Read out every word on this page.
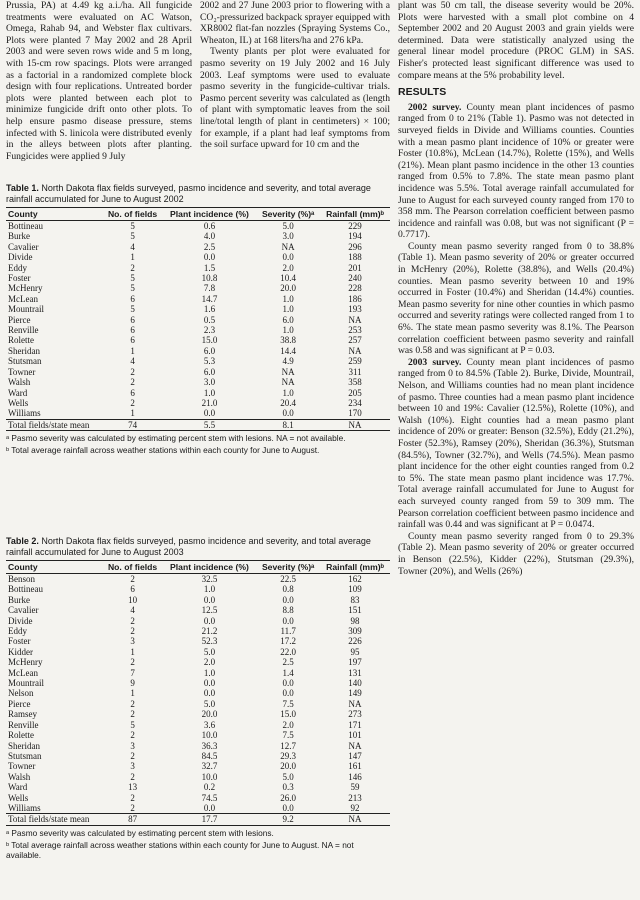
Prussia, PA) at 4.49 kg a.i./ha. All fungicide treatments were evaluated on AC Watson, Omega, Rahab 94, and Webster flax cultivars. Plots were planted 7 May 2002 and 28 April 2003 and were seven rows wide and 5 m long, with 15-cm row spacings. Plots were arranged as a factorial in a randomized complete block design with four replications. Untreated border plots were planted between each plot to minimize fungicide drift onto other plots. To help ensure pasmo disease pressure, stems infected with S. linicola were distributed evenly in the alleys between plots after planting. Fungicides were applied 9 July

2002 and 27 June 2003 prior to flowering with a CO₂-pressurized backpack sprayer equipped with XR8002 flat-fan nozzles (Spraying Systems Co., Wheaton, IL) at 168 liters/ha and 276 kPa.

Twenty plants per plot were evaluated for pasmo severity on 19 July 2002 and 16 July 2003. Leaf symptoms were used to evaluate pasmo severity in the fungicide-cultivar trials. Pasmo percent severity was calculated as (length of plant with symptomatic leaves from the soil line/total length of plant in centimeters) × 100; for example, if a plant had leaf symptoms from the soil surface upward for 10 cm and the

plant was 50 cm tall, the disease severity would be 20%. Plots were harvested with a small plot combine on 4 September 2002 and 20 August 2003 and grain yields were determined. Data were statistically analyzed using the general linear model procedure (PROC GLM) in SAS. Fisher's protected least significant difference was used to compare means at the 5% probability level.

RESULTS

2002 survey. County mean plant incidences of pasmo ranged from 0 to 21% (Table 1). Pasmo was not detected in surveyed fields in Divide and Williams counties. Counties with a mean pasmo plant incidence of 10% or greater were Foster (10.8%), McLean (14.7%), Rolette (15%), and Wells (21%). Mean plant pasmo incidence in the other 13 counties ranged from 0.5% to 7.8%. The state mean pasmo plant incidence was 5.5%. Total average rainfall accumulated for June to August for each surveyed county ranged from 170 to 358 mm. The Pearson correlation coefficient between pasmo incidence and rainfall was 0.08, but was not significant (P = 0.7717).

County mean pasmo severity ranged from 0 to 38.8% (Table 1). Mean pasmo severity of 20% or greater occurred in McHenry (20%), Rolette (38.8%), and Wells (20.4%) counties. Mean pasmo severity between 10 and 19% occurred in Foster (10.4%) and Sheridan (14.4%) counties. Mean pasmo severity for nine other counties in which pasmo occurred and severity ratings were collected ranged from 1 to 6%. The state mean pasmo severity was 8.1%. The Pearson correlation coefficient between pasmo severity and rainfall was 0.58 and was significant at P = 0.03.

2003 survey. County mean plant incidences of pasmo ranged from 0 to 84.5% (Table 2). Burke, Divide, Mountrail, Nelson, and Williams counties had no mean plant incidence of pasmo. Three counties had a mean pasmo plant incidence between 10 and 19%: Cavalier (12.5%), Rolette (10%), and Walsh (10%). Eight counties had a mean pasmo plant incidence of 20% or greater: Benson (32.5%), Eddy (21.2%), Foster (52.3%), Ramsey (20%), Sheridan (36.3%), Stutsman (84.5%), Towner (32.7%), and Wells (74.5%). Mean pasmo plant incidence for the other eight counties ranged from 0.2 to 5%. The state mean pasmo plant incidence was 17.7%. Total average rainfall accumulated for June to August for each surveyed county ranged from 59 to 309 mm. The Pearson correlation coefficient between pasmo incidence and rainfall was 0.44 and was significant at P = 0.0474.

County mean pasmo severity ranged from 0 to 29.3% (Table 2). Mean pasmo severity of 20% or greater occurred in Benson (22.5%), Kidder (22%), Stutsman (29.3%), Towner (20%), and Wells (26%)

Table 1. North Dakota flax fields surveyed, pasmo incidence and severity, and total average rainfall accumulated for June to August 2002
County	No. of fields	Plant incidence (%)	Severity (%)ᵃ	Rainfall (mm)ᵇ
Bottineau	5	0.6	5.0	229
Burke	5	4.0	3.0	194
Cavalier	4	2.5	NA	296
Divide	1	0.0	0.0	188
Eddy	2	1.5	2.0	201
Foster	5	10.8	10.4	240
McHenry	5	7.8	20.0	228
McLean	6	14.7	1.0	186
Mountrail	5	1.6	1.0	193
Pierce	6	0.5	6.0	NA
Renville	6	2.3	1.0	253
Rolette	6	15.0	38.8	257
Sheridan	1	6.0	14.4	NA
Stutsman	4	5.3	4.9	259
Towner	2	6.0	NA	311
Walsh	2	3.0	NA	358
Ward	6	1.0	1.0	205
Wells	2	21.0	20.4	234
Williams	1	0.0	0.0	170
Total fields/state mean	74	5.5	8.1	NA
ᵃ Pasmo severity was calculated by estimating percent stem with lesions. NA = not available.
ᵇ Total average rainfall across weather stations within each county for June to August.
Table 2. North Dakota flax fields surveyed, pasmo incidence and severity, and total average rainfall accumulated for June to August 2003
County	No. of fields	Plant incidence (%)	Severity (%)ᵃ	Rainfall (mm)ᵇ
Benson	2	32.5	22.5	162
Bottineau	6	1.0	0.8	109
Burke	10	0.0	0.0	83
Cavalier	4	12.5	8.8	151
Divide	2	0.0	0.0	98
Eddy	2	21.2	11.7	309
Foster	3	52.3	17.2	226
Kidder	1	5.0	22.0	95
McHenry	2	2.0	2.5	197
McLean	7	1.0	1.4	131
Mountrail	9	0.0	0.0	140
Nelson	1	0.0	0.0	149
Pierce	2	5.0	7.5	NA
Ramsey	2	20.0	15.0	273
Renville	5	3.6	2.0	171
Rolette	2	10.0	7.5	101
Sheridan	3	36.3	12.7	NA
Stutsman	2	84.5	29.3	147
Towner	3	32.7	20.0	161
Walsh	2	10.0	5.0	146
Ward	13	0.2	0.3	59
Wells	2	74.5	26.0	213
Williams	2	0.0	0.0	92
Total fields/state mean	87	17.7	9.2	NA
ᵃ Pasmo severity was calculated by estimating percent stem with lesions.
ᵇ Total average rainfall across weather stations within each county for June to August. NA = not available.
